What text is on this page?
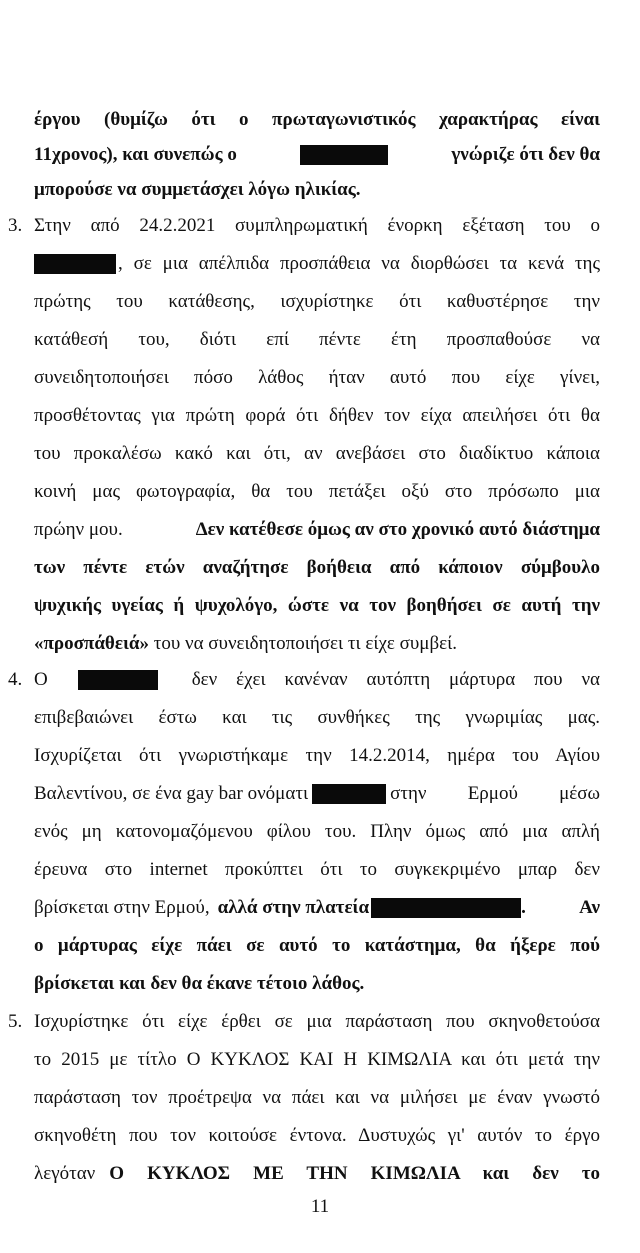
έργου (θυμίζω ότι ο πρωταγωνιστικός χαρακτήρας είναι
11χρονος), και συνεπώς ο	γνώριζε ότι δεν θα
μπορούσε να συμμετάσχει λόγω ηλικίας.
3. Στην από 24.2.2021 συμπληρωματική ένορκη εξέταση του ο
, σε μια απέλπιδα προσπάθεια να διορθώσει τα κενά της
πρώτης του κατάθεσης, ισχυρίστηκε ότι καθυστέρησε την
κατάθεσή του, διότι επί πέντε έτη προσπαθούσε να
συνειδητοποιήσει πόσο λάθος ήταν αυτό που είχε γίνει,
προσθέτοντας για πρώτη φορά ότι δήθεν τον είχα απειλήσει ότι θα
του προκαλέσω κακό και ότι, αν ανεβάσει στο διαδίκτυο κάποια
κοινή μας φωτογραφία, θα του πετάξει οξύ στο πρόσωπο μια
πρώην μου.	Δεν κατέθεσε όμως αν στο χρονικό αυτό διάστημα
των πέντε ετών αναζήτησε βοήθεια από κάποιον σύμβουλο
ψυχικής υγείας ή ψυχολόγο, ώστε να τον βοηθήσει σε αυτή την
«προσπάθειά» του να συνειδητοποιήσει τι είχε συμβεί.
4. Ο	δεν έχει κανέναν αυτόπτη μάρτυρα που να
επιβεβαιώνει έστω και τις συνθήκες της γνωριμίας μας.
Ισχυρίζεται ότι γνωριστήκαμε την 14.2.2014, ημέρα του Αγίου
Βαλεντίνου, σε ένα gay bar ονόματι	στην Ερμού μέσω
ενός μη κατονομαζόμενου φίλου του. Πλην όμως από μια απλή
έρευνα στο internet προκύπτει ότι το συγκεκριμένο μπαρ δεν
βρίσκεται στην Ερμού, αλλά στην πλατεία	. Αν
ο μάρτυρας είχε πάει σε αυτό το κατάστημα, θα ήξερε πού
βρίσκεται και δεν θα έκανε τέτοιο λάθος.
5. Ισχυρίστηκε ότι είχε έρθει σε μια παράσταση που σκηνοθετούσα
το 2015 με τίτλο Ο ΚΥΚΛΟΣ ΚΑΙ Η ΚΙΜΩΛΙΑ και ότι μετά την
παράσταση τον προέτρεψα να πάει και να μιλήσει με έναν γνωστό
σκηνοθέτη που τον κοιτούσε έντονα. Δυστυχώς γι' αυτόν το έργο
λεγόταν Ο ΚΥΚΛΟΣ ΜΕ ΤΗΝ ΚΙΜΩΛΙΑ και δεν το
11
